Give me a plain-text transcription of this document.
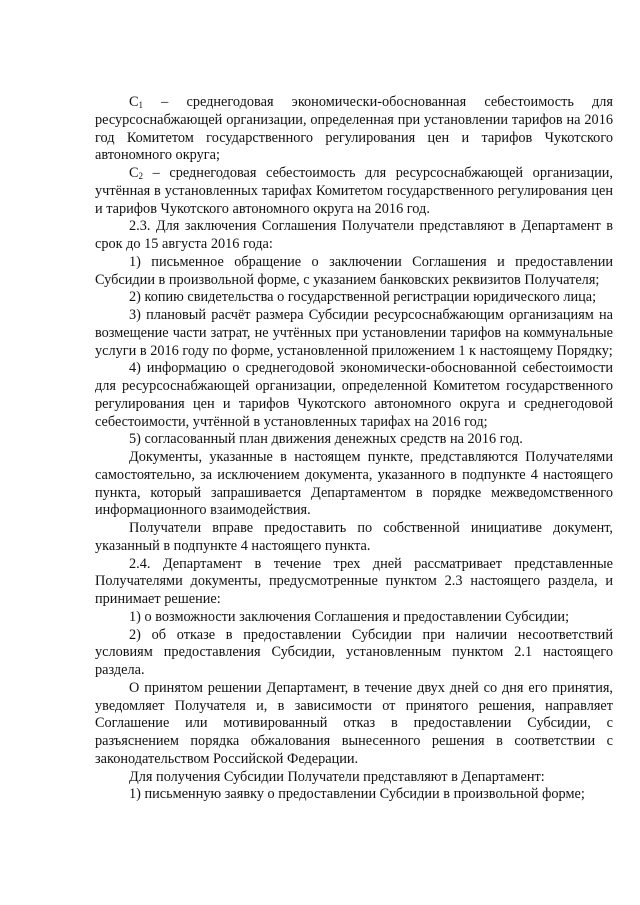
$C_1$ – среднегодовая экономически-обоснованная себестоимость для ресурсоснабжающей организации, определенная при установлении тарифов на 2016 год Комитетом государственного регулирования цен и тарифов Чукотского автономного округа;

$C_2$ – среднегодовая себестоимость для ресурсоснабжающей организации, учтённая в установленных тарифах Комитетом государственного регулирования цен и тарифов Чукотского автономного округа на 2016 год.

2.3. Для заключения Соглашения Получатели представляют в Департамент в срок до 15 августа 2016 года:

1) письменное обращение о заключении Соглашения и предоставлении Субсидии в произвольной форме, с указанием банковских реквизитов Получателя;

2) копию свидетельства о государственной регистрации юридического лица;

3) плановый расчёт размера Субсидии ресурсоснабжающим организациям на возмещение части затрат, не учтённых при установлении тарифов на коммунальные услуги в 2016 году по форме, установленной приложением 1 к настоящему Порядку;

4) информацию о среднегодовой экономически-обоснованной себестоимости для ресурсоснабжающей организации, определенной Комитетом государственного регулирования цен и тарифов Чукотского автономного округа и среднегодовой себестоимости, учтённой в установленных тарифах на 2016 год;

5) согласованный план движения денежных средств на 2016 год.

Документы, указанные в настоящем пункте, представляются Получателями самостоятельно, за исключением документа, указанного в подпункте 4 настоящего пункта, который запрашивается Департаментом в порядке межведомственного информационного взаимодействия.

Получатели вправе предоставить по собственной инициативе документ, указанный в подпункте 4 настоящего пункта.

2.4. Департамент в течение трех дней рассматривает представленные Получателями документы, предусмотренные пунктом 2.3 настоящего раздела, и принимает решение:

1) о возможности заключения Соглашения и предоставлении Субсидии;

2) об отказе в предоставлении Субсидии при наличии несоответствий условиям предоставления Субсидии, установленным пунктом 2.1 настоящего раздела.

О принятом решении Департамент, в течение двух дней со дня его принятия, уведомляет Получателя и, в зависимости от принятого решения, направляет Соглашение или мотивированный отказ в предоставлении Субсидии, с разъяснением порядка обжалования вынесенного решения в соответствии с законодательством Российской Федерации.

Для получения Субсидии Получатели представляют в Департамент:

1) письменную заявку о предоставлении Субсидии в произвольной форме;
